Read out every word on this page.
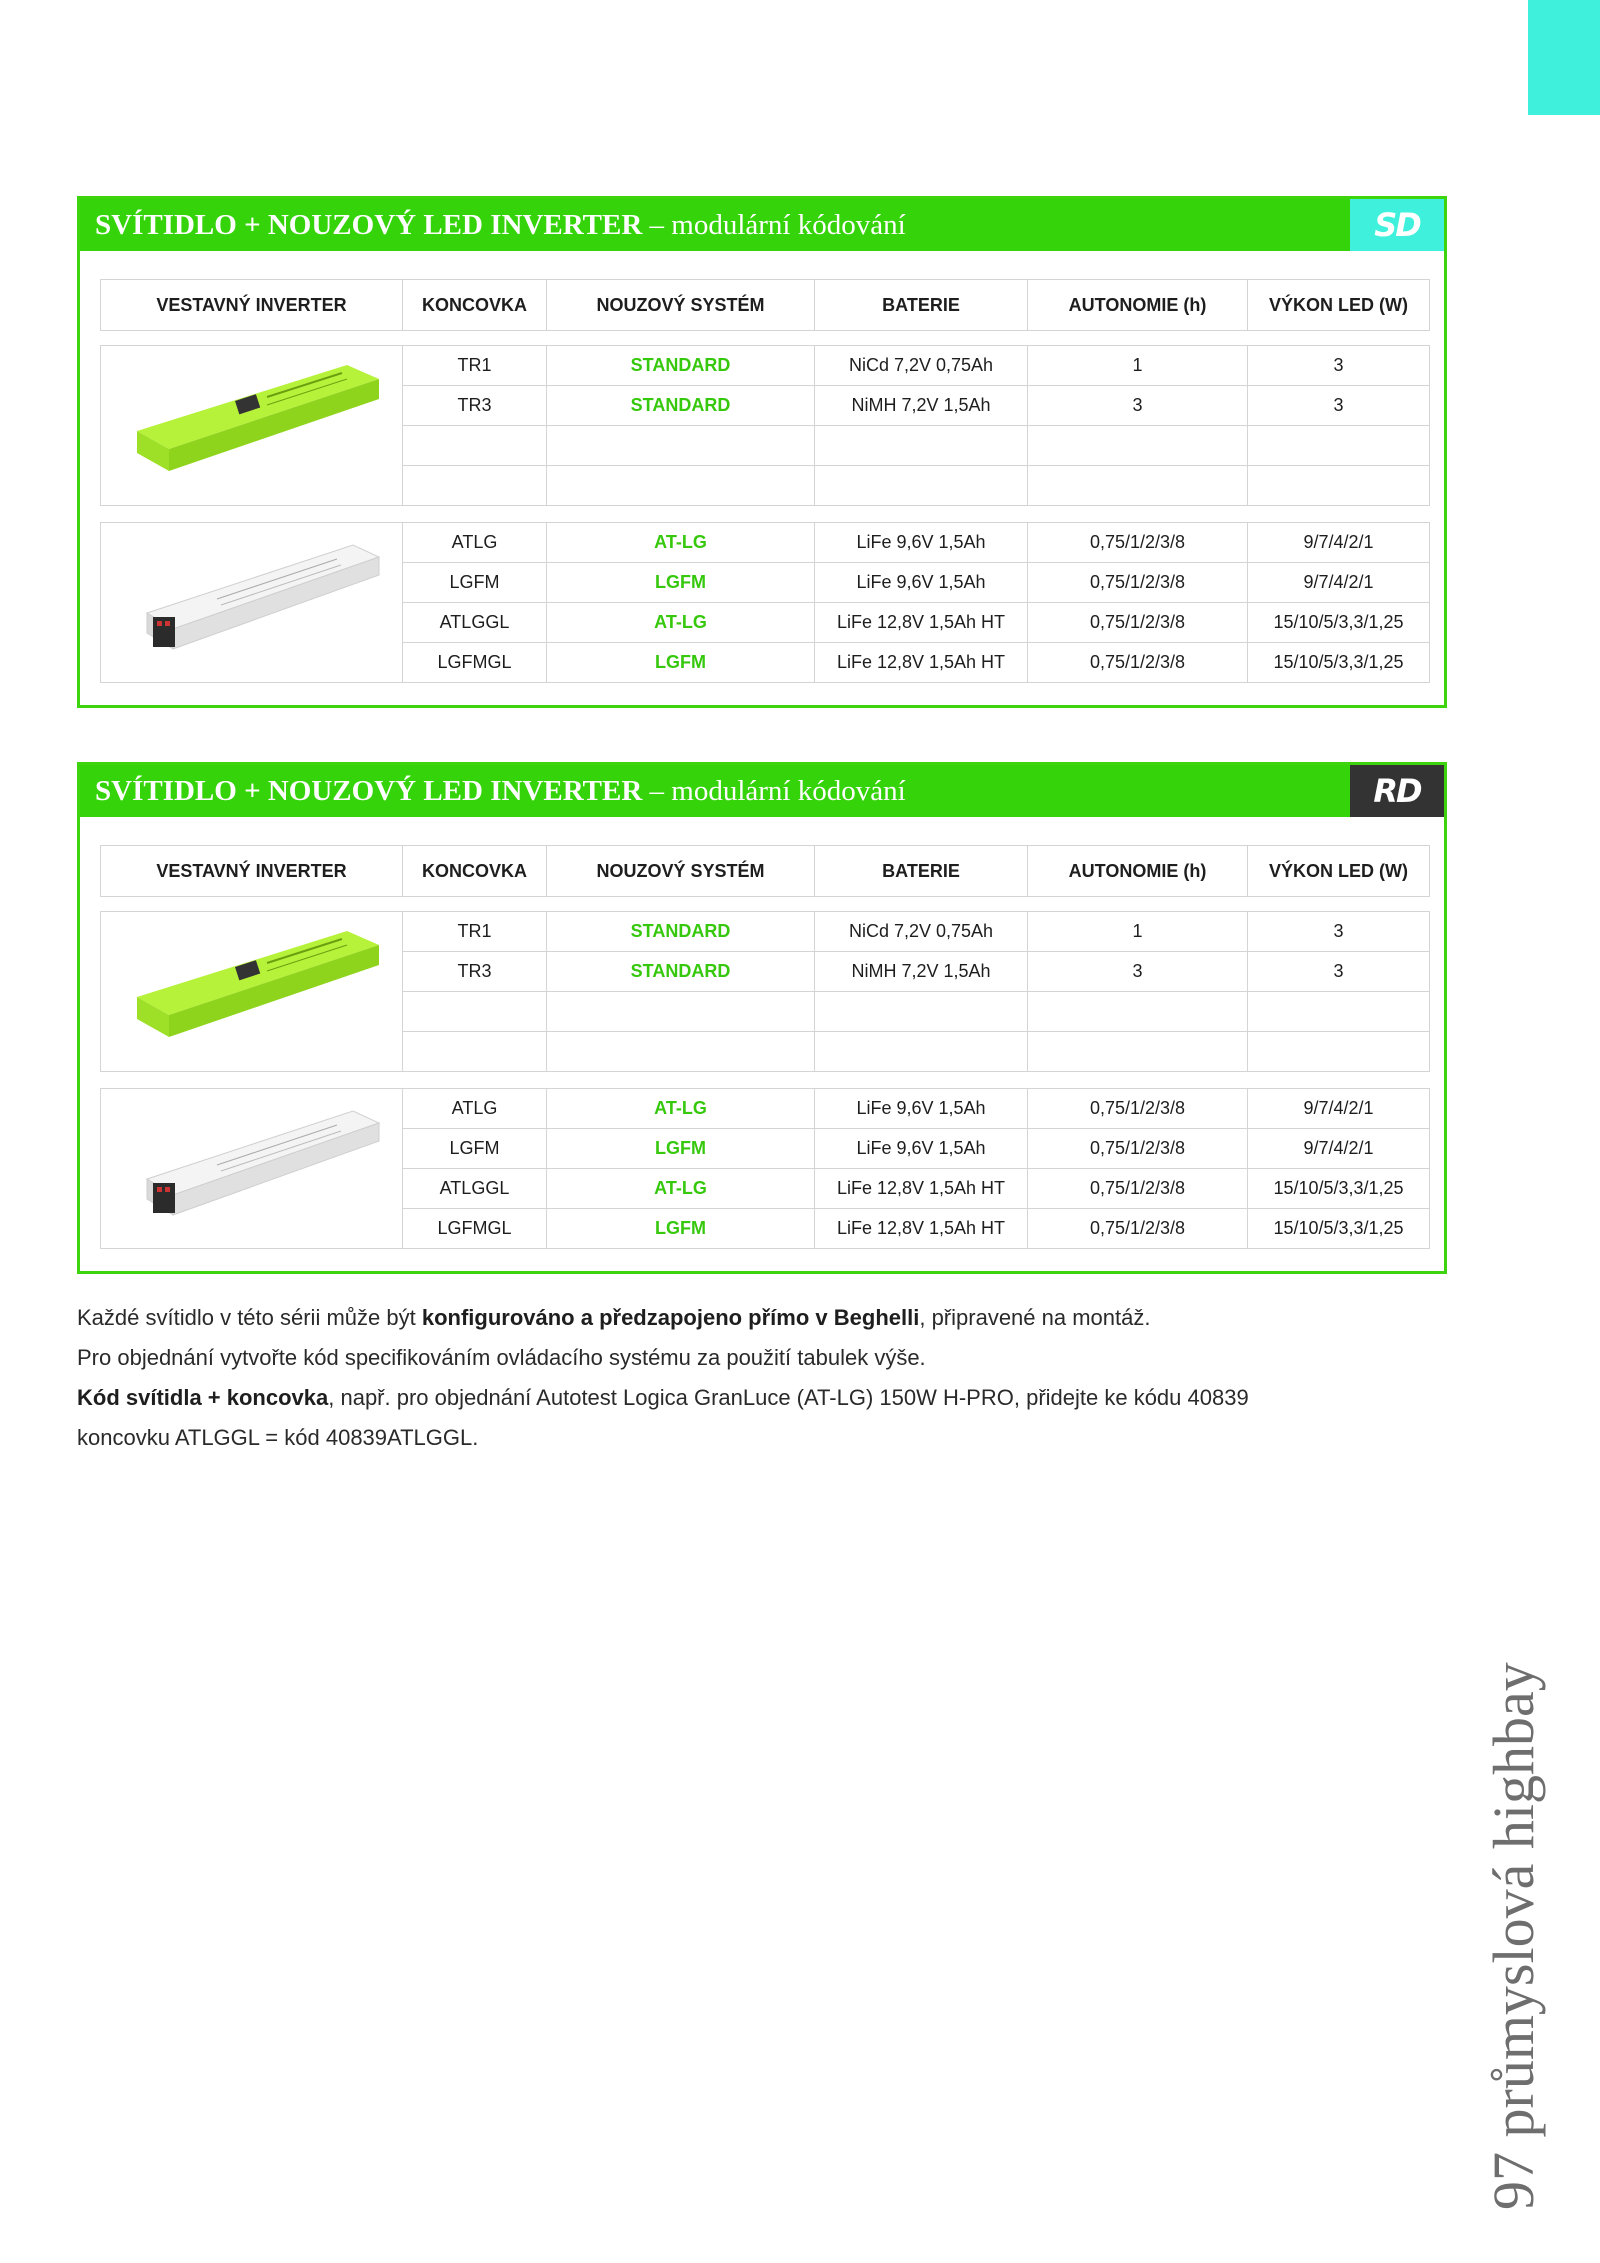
SVÍTIDLO + NOUZOVÝ LED INVERTER – modulární kódování	SD
VESTAVNÝ INVERTER	KONCOVKA	NOUZOVÝ SYSTÉM	BATERIE	AUTONOMIE (h)	VÝKON LED (W)
	TR1	STANDARD	NiCd 7,2V 0,75Ah	1	3
	TR3	STANDARD	NiMH 7,2V 1,5Ah	3	3

	ATLG	AT-LG	LiFe 9,6V 1,5Ah	0,75/1/2/3/8	9/7/4/2/1
	LGFM	LGFM	LiFe 9,6V 1,5Ah	0,75/1/2/3/8	9/7/4/2/1
	ATLGGL	AT-LG	LiFe 12,8V 1,5Ah HT	0,75/1/2/3/8	15/10/5/3,3/1,25
	LGFMGL	LGFM	LiFe 12,8V 1,5Ah HT	0,75/1/2/3/8	15/10/5/3,3/1,25
SVÍTIDLO + NOUZOVÝ LED INVERTER – modulární kódování	RD
VESTAVNÝ INVERTER	KONCOVKA	NOUZOVÝ SYSTÉM	BATERIE	AUTONOMIE (h)	VÝKON LED (W)
	TR1	STANDARD	NiCd 7,2V 0,75Ah	1	3
	TR3	STANDARD	NiMH 7,2V 1,5Ah	3	3

	ATLG	AT-LG	LiFe 9,6V 1,5Ah	0,75/1/2/3/8	9/7/4/2/1
	LGFM	LGFM	LiFe 9,6V 1,5Ah	0,75/1/2/3/8	9/7/4/2/1
	ATLGGL	AT-LG	LiFe 12,8V 1,5Ah HT	0,75/1/2/3/8	15/10/5/3,3/1,25
	LGFMGL	LGFM	LiFe 12,8V 1,5Ah HT	0,75/1/2/3/8	15/10/5/3,3/1,25

Každé svítidlo v této sérii může být konfigurováno a předzapojeno přímo v Beghelli, připravené na montáž.

Pro objednání vytvořte kód specifikováním ovládacího systému za použití tabulek výše.

Kód svítidla + koncovka, např. pro objednání Autotest Logica GranLuce (AT-LG) 150W H-PRO, přidejte ke kódu 40839

koncovku ATLGGL = kód 40839ATLGGL.

97 průmyslová highbay
